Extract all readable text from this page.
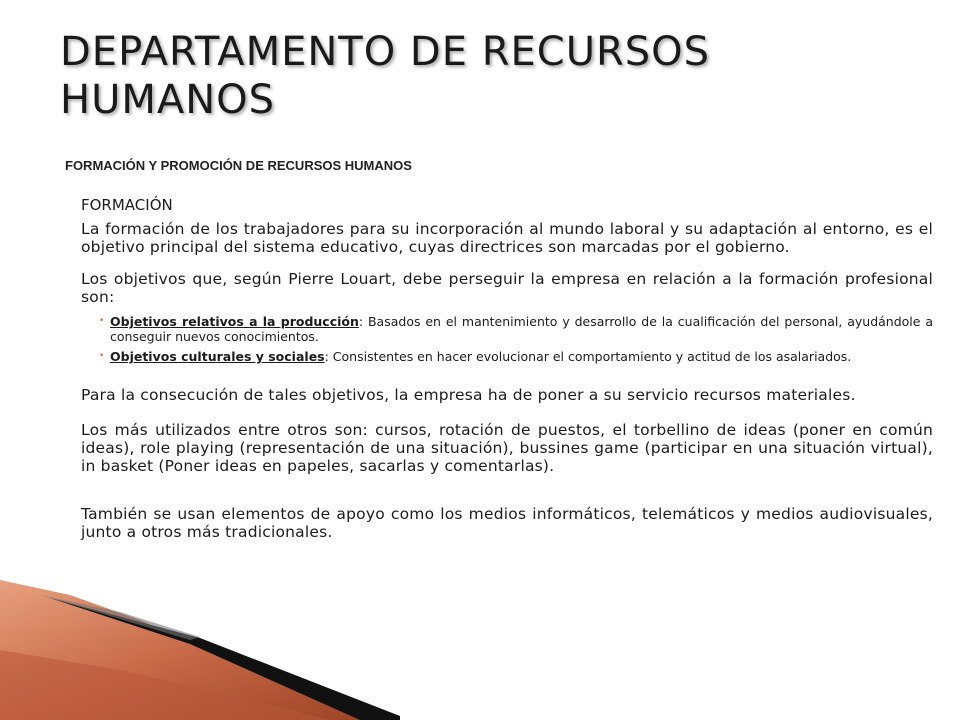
DEPARTAMENTO DE RECURSOS HUMANOS
FORMACIÓN Y PROMOCIÓN DE RECURSOS HUMANOS
FORMACIÓN

La formación de los trabajadores para su incorporación al mundo laboral y su adaptación al entorno, es el objetivo principal del sistema educativo, cuyas directrices son marcadas por el gobierno.

Los objetivos que, según Pierre Louart, debe perseguir la empresa en relación a la formación profesional son:

• Objetivos relativos a la producción: Basados en el mantenimiento y desarrollo de la cualificación del personal, ayudándole a conseguir nuevos conocimientos.
• Objetivos culturales y sociales: Consistentes en hacer evolucionar el comportamiento y actitud de los asalariados.

Para la consecución de tales objetivos, la empresa ha de poner a su servicio recursos materiales.

Los más utilizados entre otros son: cursos, rotación de puestos, el torbellino de ideas (poner en común ideas), role playing (representación de una situación), bussines game (participar en una situación virtual), in basket (Poner ideas en papeles, sacarlas y comentarlas).

También se usan elementos de apoyo como los medios informáticos, telemáticos y medios audiovisuales, junto a otros más tradicionales.
